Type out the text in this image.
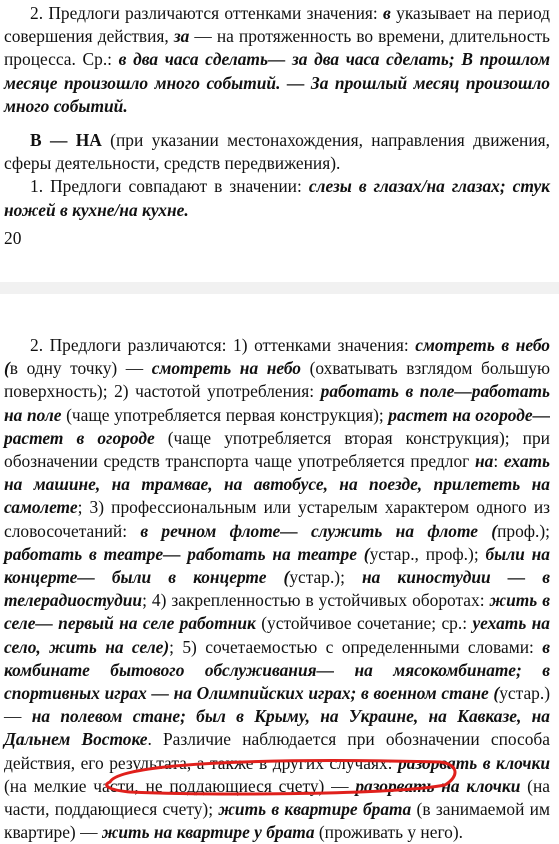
2. Предлоги различаются оттенками значения: в указывает на период совершения действия, за — на протяженность во времени, длительность процесса. Ср.: в два часа сделать— за два часа сделать; В прошлом месяце произошло много событий. — За прошлый месяц произошло много событий.

В — НА (при указании местонахождения, направления движения, сферы деятельности, средств передвижения).

1. Предлоги совпадают в значении: слезы в глазах/на глазах; стук ножей в кухне/на кухне.

20

2. Предлоги различаются: 1) оттенками значения: смотреть в небо (в одну точку) — смотреть на небо (охватывать взглядом большую поверхность); 2) частотой употребления: работать в поле—работать на поле (чаще употребляется первая конструкция); растет на огороде—растет в огороде (чаще употребляется вторая конструкция); при обозначении средств транспорта чаще употребляется предлог на: ехать на машине, на трамвае, на автобусе, на поезде, прилететь на самолете; 3) профессиональным или устарелым характером одного из словосочетаний: в речном флоте— служить на флоте (проф.); работать в театре— работать на театре (устар., проф.); были на концерте— были в концерте (устар.); на киностудии — в телерадиостудии; 4) закрепленностью в устойчивых оборотах: жить в селе— первый на селе работник (устойчивое сочетание; ср.: уехать на село, жить на селе); 5) сочетаемостью с определенными словами: в комбинате бытового обслуживания— на мясокомбинате; в спортивных играх — на Олимпийских играх; в военном стане (устар.) — на полевом стане; был в Крыму, на Украине, на Кавказе, на Дальнем Востоке. Различие наблюдается при обозначении способа действия, его результата, а также в других случаях: разорвать в клочки (на мелкие части, не поддающиеся счету) — разорвать на клочки (на части, поддающиеся счету); жить в квартире брата (в занимаемой им квартире) — жить на квартире у брата (проживать у него).
